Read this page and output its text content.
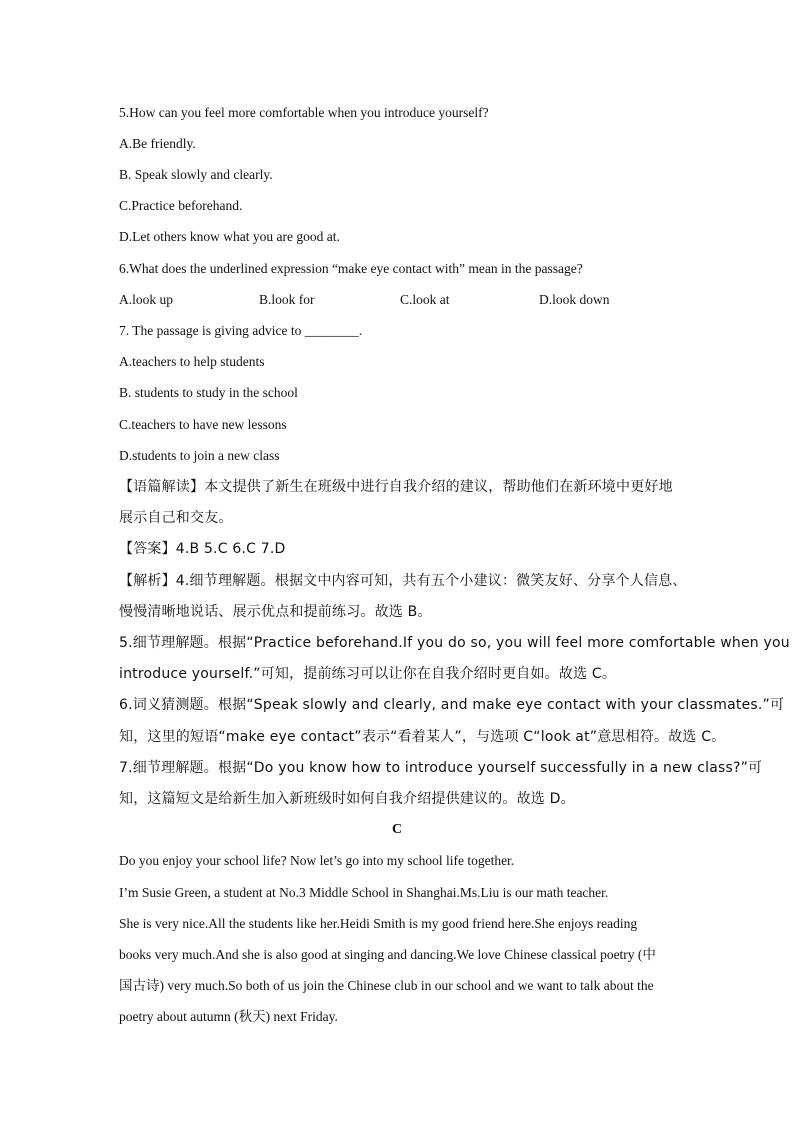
5.How can you feel more comfortable when you introduce yourself?
A.Be friendly.
B. Speak slowly and clearly.
C.Practice beforehand.
D.Let others know what you are good at.
6.What does the underlined expression “make eye contact with” mean in the passage?
A.look up	B.look for	C.look at	D.look down
7. The passage is giving advice to ________.
A.teachers to help students
B. students to study in the school
C.teachers to have new lessons
D.students to join a new class
【语篇解读】本文提供了新生在班级中进行自我介绍的建议，帮助他们在新环境中更好地
展示自己和交友。
【答案】4.B 5.C 6.C 7.D
【解析】4.细节理解题。根据文中内容可知，共有五个小建议：微笑友好、分享个人信息、
慢慢清晰地说话、展示优点和提前练习。故选 B。
5.细节理解题。根据“Practice beforehand.If you do so, you will feel more comfortable when you
introduce yourself.”可知，提前练习可以让你在自我介绍时更自如。故选 C。
6.词义猜测题。根据“Speak slowly and clearly, and make eye contact with your classmates.”可
知，这里的短语“make eye contact”表示“看着某人”，与选项 C“look at”意思相符。故选 C。
7.细节理解题。根据“Do you know how to introduce yourself successfully in a new class?”可
知，这篇短文是给新生加入新班级时如何自我介绍提供建议的。故选 D。
C
Do you enjoy your school life? Now let’s go into my school life together.
I’m Susie Green, a student at No.3 Middle School in Shanghai.Ms.Liu is our math teacher.
She is very nice.All the students like her.Heidi Smith is my good friend here.She enjoys reading
books very much.And she is also good at singing and dancing.We love Chinese classical poetry (中
国古诗) very much.So both of us join the Chinese club in our school and we want to talk about the
poetry about autumn (秋天) next Friday.
